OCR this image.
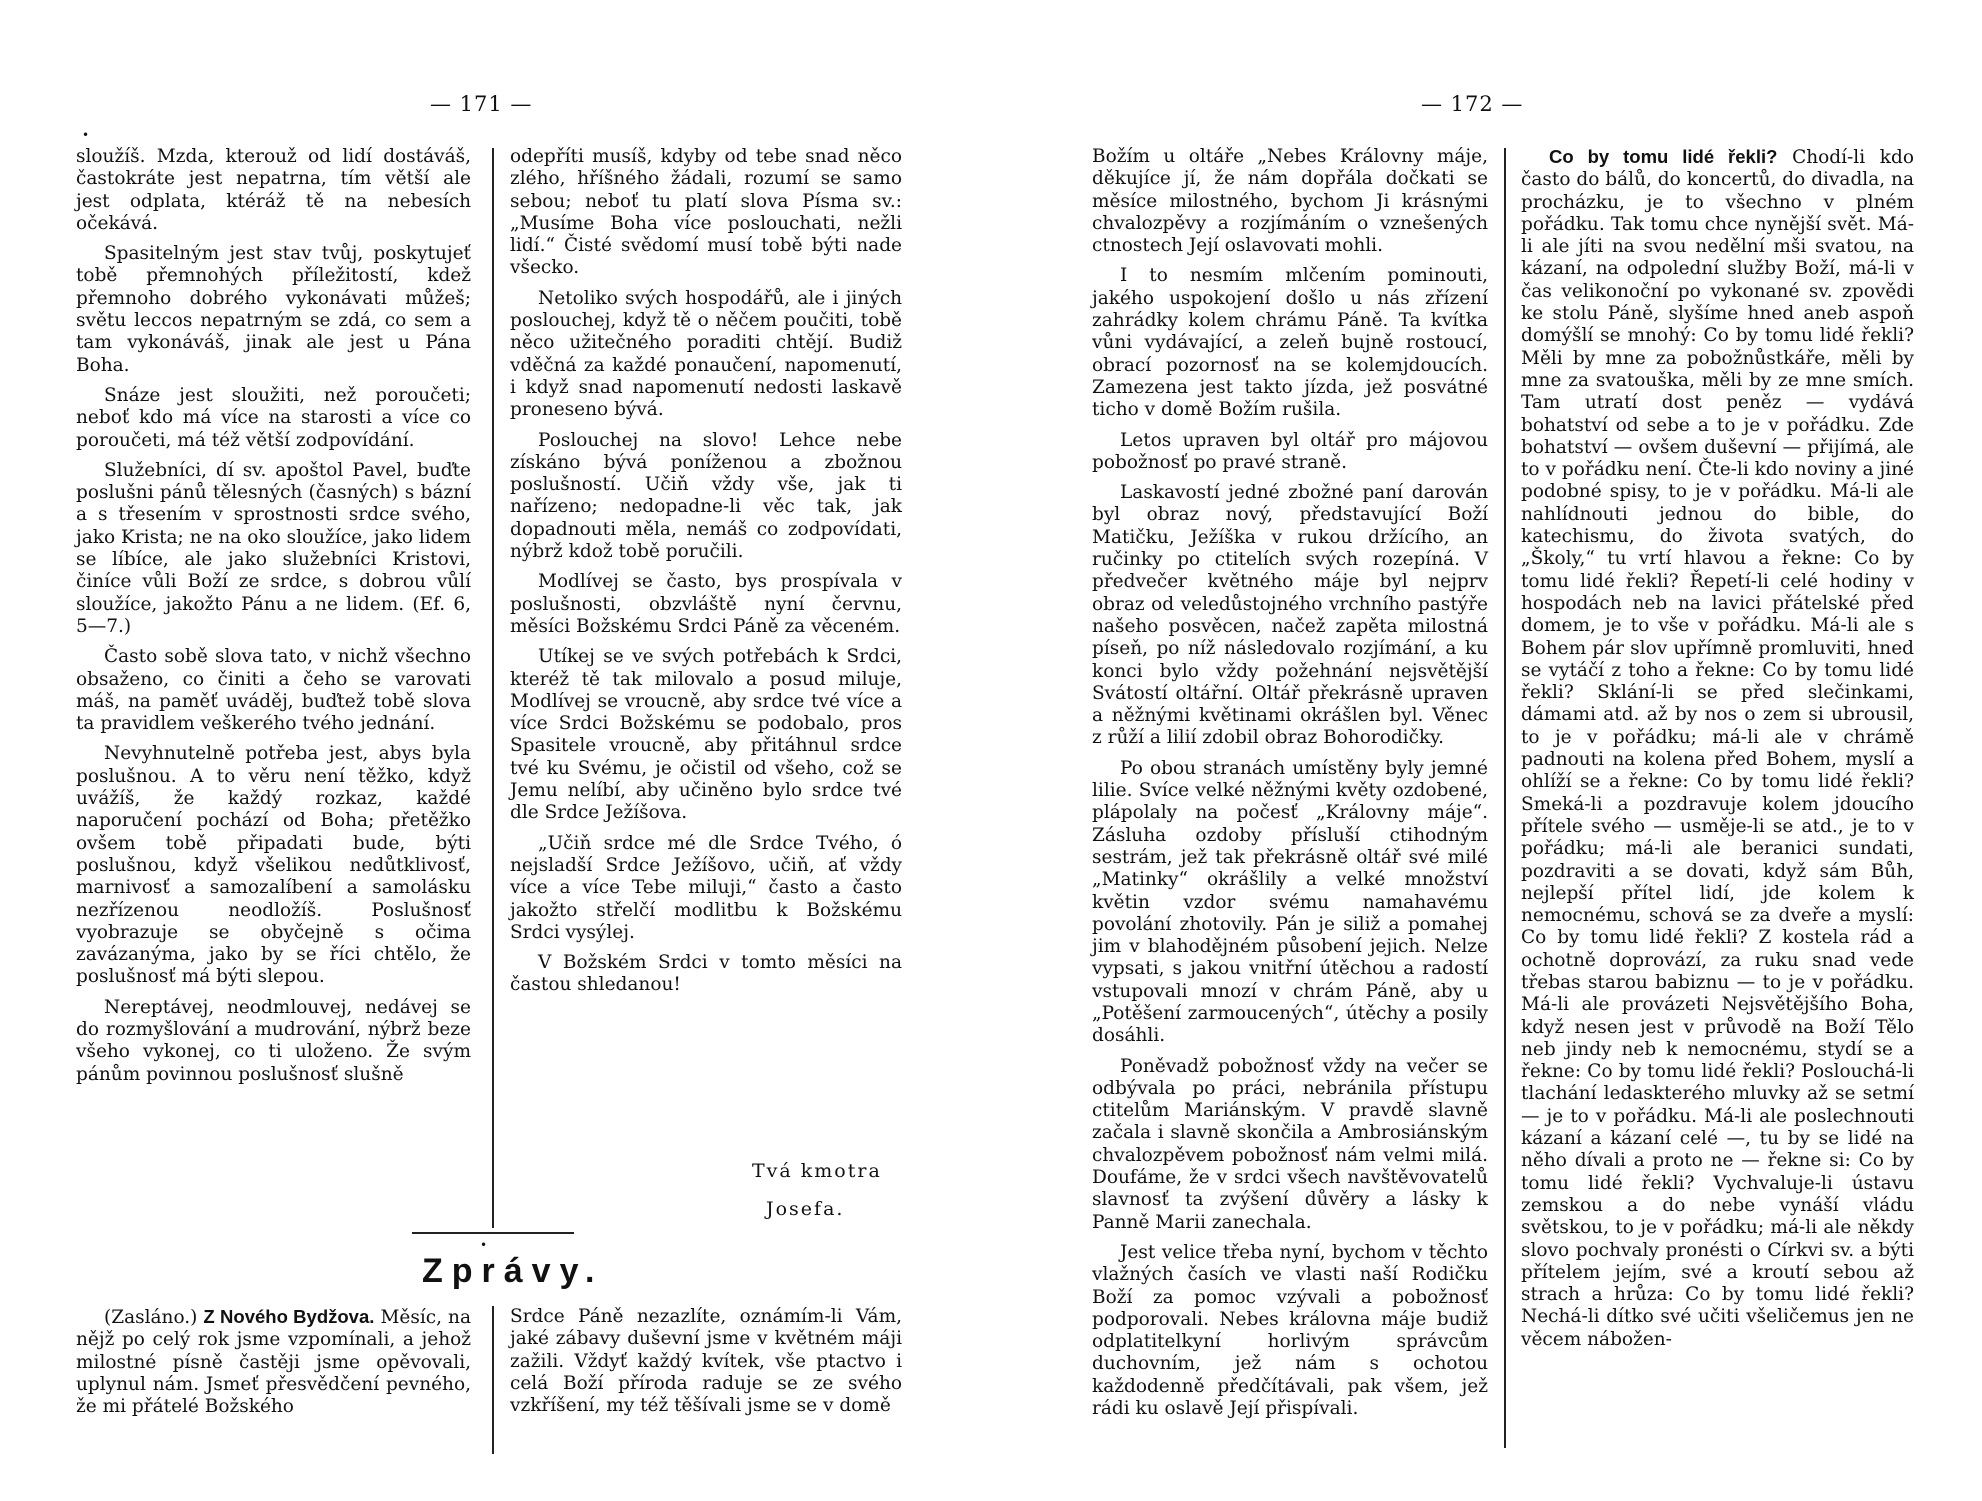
— 171 —
•

sloužíš. Mzda, kterouž od lidí dostáváš, častokráte jest nepatrna, tím větší ale jest odplata, ktéráž tě na nebesích očekává.

Spasitelným jest stav tvůj, poskytujeť tobě přemnohých příležitostí, kdež přemnoho dobrého vykonávati můžeš; světu leccos nepatrným se zdá, co sem a tam vykonáváš, jinak ale jest u Pána Boha.

Snáze jest sloužiti, než poroučeti; neboť kdo má více na starosti a více co poroučeti, má též větší zodpovídání.

Služebníci, dí sv. apoštol Pavel, buďte poslušni pánů tělesných (časných) s bázní a s třesením v sprostnosti srdce svého, jako Krista; ne na oko sloužíce, jako lidem se líbíce, ale jako služebníci Kristovi, činíce vůli Boží ze srdce, s dobrou vůlí sloužíce, jakožto Pánu a ne lidem. (Ef. 6, 5—7.)

Často sobě slova tato, v nichž všechno obsaženo, co činiti a čeho se varovati máš, na paměť uváděj, buďtež tobě slova ta pravidlem veškerého tvého jednání.

Nevyhnutelně potřeba jest, abys byla poslušnou. A to věru není těžko, když uvážíš, že každý rozkaz, každé naporučení pochází od Boha; přetěžko ovšem tobě připadati bude, býti poslušnou, když všelikou nedůtklivosť, marnivosť a samozalíbení a samolásku nezřízenou neodložíš. Poslušnosť vyobrazuje se obyčejně s očima zavázanýma, jako by se říci chtělo, že poslušnosť má býti slepou.

Nereptávej, neodmlouvej, nedávej se do rozmyšlování a mudrování, nýbrž beze všeho vykonej, co ti uloženo. Že svým pánům povinnou poslušnosť slušně

odepříti musíš, kdyby od tebe snad něco zlého, hříšného žádali, rozumí se samo sebou; neboť tu platí slova Písma sv.: „Musíme Boha více poslouchati, nežli lidí.“ Čisté svědomí musí tobě býti nade všecko.

Netoliko svých hospodářů, ale i jiných poslouchej, když tě o něčem poučiti, tobě něco užitečného poraditi chtějí. Budiž vděčná za každé ponaučení, napomenutí, i když snad napomenutí nedosti laskavě proneseno bývá.

Poslouchej na slovo! Lehce nebe získáno bývá poníženou a zbožnou poslušností. Učiň vždy vše, jak ti nařízeno; nedopadne-li věc tak, jak dopadnouti měla, nemáš co zodpovídati, nýbrž kdož tobě poručili.

Modlívej se často, bys prospívala v poslušnosti, obzvláště nyní červnu, měsíci Božskému Srdci Páně za věceném.

Utíkej se ve svých potřebách k Srdci, kteréž tě tak milovalo a posud miluje, Modlívej se vroucně, aby srdce tvé více a více Srdci Božskému se podobalo, pros Spasitele vroucně, aby přitáhnul srdce tvé ku Svému, je očistil od všeho, což se Jemu nelíbí, aby učiněno bylo srdce tvé dle Srdce Ježíšova.

„Učiň srdce mé dle Srdce Tvého, ó nejsladší Srdce Ježíšovo, učiň, ať vždy více a více Tebe miluji,“ často a často jakožto střelčí modlitbu k Božskému Srdci vysýlej.

V Božském Srdci v tomto měsíci na častou shledanou!

Tvá kmotra
Josefa.
•
Zprávy.

(Zasláno.) Z Nového Bydžova. Měsíc, na nějž po celý rok jsme vzpomínali, a jehož milostné písně častěji jsme opěvovali, uplynul nám. Jsmeť přesvědčení pevného, že mi přátelé Božského

Srdce Páně nezazlíte, oznámím-li Vám, jaké zábavy duševní jsme v květném máji zažili. Vždyť každý kvítek, vše ptactvo i celá Boží příroda raduje se ze svého vzkříšení, my též těšívali jsme se v domě

— 172 —

Božím u oltáře „Nebes Královny máje, děkujíce jí, že nám dopřála dočkati se měsíce milostného, bychom Ji krásnými chvalozpěvy a rozjímáním o vznešených ctnostech Její oslavovati mohli.

I to nesmím mlčením pominouti, jakého uspokojení došlo u nás zřízení zahrádky kolem chrámu Páně. Ta kvítka vůni vydávající, a zeleň bujně rostoucí, obrací pozornosť na se kolemjdoucích. Zamezena jest takto jízda, jež posvátné ticho v domě Božím rušila.

Letos upraven byl oltář pro májovou pobožnosť po pravé straně.

Laskavostí jedné zbožné paní darován byl obraz nový, představující Boží Matičku, Ježíška v rukou držícího, an ručinky po ctitelích svých rozepíná. V předvečer květného máje byl nejprv obraz od veledůstojného vrchního pastýře našeho posvěcen, načež zapěta milostná píseň, po níž následovalo rozjímání, a ku konci bylo vždy požehnání nejsvětější Svátostí oltářní. Oltář překrásně upraven a něžnými květinami okrášlen byl. Věnec z růží a lilií zdobil obraz Bohorodičky.

Po obou stranách umístěny byly jemné lilie. Svíce velké něžnými květy ozdobené, plápolaly na počesť „Královny máje“. Zásluha ozdoby přísluší ctihodným sestrám, jež tak překrásně oltář své milé „Matinky“ okrášlily a velké množství květin vzdor svému namahavému povolání zhotovily. Pán je siliž a pomahej jim v blahodějném působení jejich. Nelze vypsati, s jakou vnitřní útěchou a radostí vstupovali mnozí v chrám Páně, aby u „Potěšení zarmoucených“, útěchy a posily dosáhli.

Poněvadž pobožnosť vždy na večer se odbývala po práci, nebránila přístupu ctitelům Mariánským. V pravdě slavně začala i slavně skončila a Ambrosiánským chvalozpěvem pobožnosť nám velmi milá. Doufáme, že v srdci všech navštěvovatelů slavnosť ta zvýšení důvěry a lásky k Panně Marii zanechala.

Jest velice třeba nyní, bychom v těchto vlažných časích ve vlasti naší Rodičku Boží za pomoc vzývali a pobožnosť podporovali. Nebes královna máje budiž odplatitelkyní horlivým správcům duchovním, jež nám s ochotou každodenně předčítávali, pak všem, jež rádi ku oslavě Její přispívali.

Co by tomu lidé řekli? Chodí-li kdo často do bálů, do koncertů, do divadla, na procházku, je to všechno v plném pořádku. Tak tomu chce nynější svět. Má-li ale jíti na svou nedělní mši svatou, na kázaní, na odpolední služby Boží, má-li v čas velikonoční po vykonané sv. zpovědi ke stolu Páně, slyšíme hned aneb aspoň domýšlí se mnohý: Co by tomu lidé řekli? Měli by mne za pobožnůstkáře, měli by mne za svatouška, měli by ze mne smích. Tam utratí dost peněz — vydává bohatství od sebe a to je v pořádku. Zde bohatství — ovšem duševní — přijímá, ale to v pořádku není. Čte-li kdo noviny a jiné podobné spisy, to je v pořádku. Má-li ale nahlídnouti jednou do bible, do katechismu, do života svatých, do „Školy,“ tu vrtí hlavou a řekne: Co by tomu lidé řekli? Řepetí-li celé hodiny v hospodách neb na lavici přátelské před domem, je to vše v pořádku. Má-li ale s Bohem pár slov upřímně promluviti, hned se vytáčí z toho a řekne: Co by tomu lidé řekli? Sklání-li se před slečinkami, dámami atd. až by nos o zem si ubrousil, to je v pořádku; má-li ale v chrámě padnouti na kolena před Bohem, myslí a ohlíží se a řekne: Co by tomu lidé řekli? Smeká-li a pozdravuje kolem jdoucího přítele svého — usměje-li se atd., je to v pořádku; má-li ale beranici sundati, pozdraviti a se dovati, když sám Bůh, nejlepší přítel lidí, jde kolem k nemocnému, schová se za dveře a myslí: Co by tomu lidé řekli? Z kostela rád a ochotně doprovází, za ruku snad vede třebas starou babiznu — to je v pořádku. Má-li ale provázeti Nejsvětějšího Boha, když nesen jest v průvodě na Boží Tělo neb jindy neb k nemocnému, stydí se a řekne: Co by tomu lidé řekli? Poslouchá-li tlachání ledaskterého mluvky až se setmí — je to v pořádku. Má-li ale poslechnouti kázaní a kázaní celé —, tu by se lidé na něho dívali a proto ne — řekne si: Co by tomu lidé řekli? Vychvaluje-li ústavu zemskou a do nebe vynáší vládu světskou, to je v pořádku; má-li ale někdy slovo pochvaly pronésti o Církvi sv. a býti přítelem jejím, své a kroutí sebou až strach a hrůza: Co by tomu lidé řekli? Nechá-li dítko své učiti všeličemus jen ne věcem nábožen-
